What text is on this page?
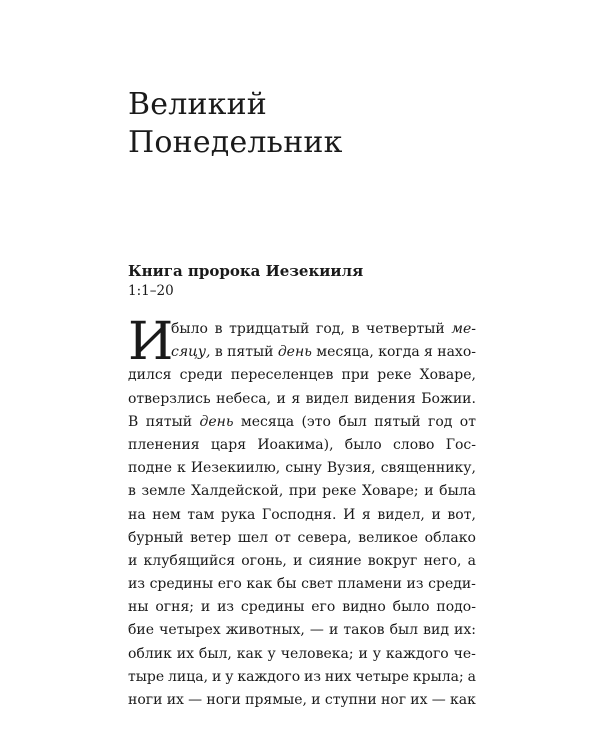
Великий
Понедельник
Книга пророка Иезекииля

1:1–20

И
было в тридцатый год, в четвертый ме-
сяцу, в пятый день месяца, когда я нахо-
дился среди переселенцев при реке Ховаре,
отверзлись небеса, и я видел видения Божии.
В пятый день месяца (это был пятый год от
пленения царя Иоакима), было слово Гос-
подне к Иезекиилю, сыну Вузия, священнику,
в земле Халдейской, при реке Ховаре; и была
на нем там рука Господня. И я видел, и вот,
бурный ветер шел от севера, великое облако
и клубящийся огонь, и сияние вокруг него, а
из средины его как бы свет пламени из среди-
ны огня; и из средины его видно было подо-
бие четырех животных, — и таков был вид их:
облик их был, как у человека; и у каждого че-
тыре лица, и у каждого из них четыре крыла; а
ноги их — ноги прямые, и ступни ног их — как
